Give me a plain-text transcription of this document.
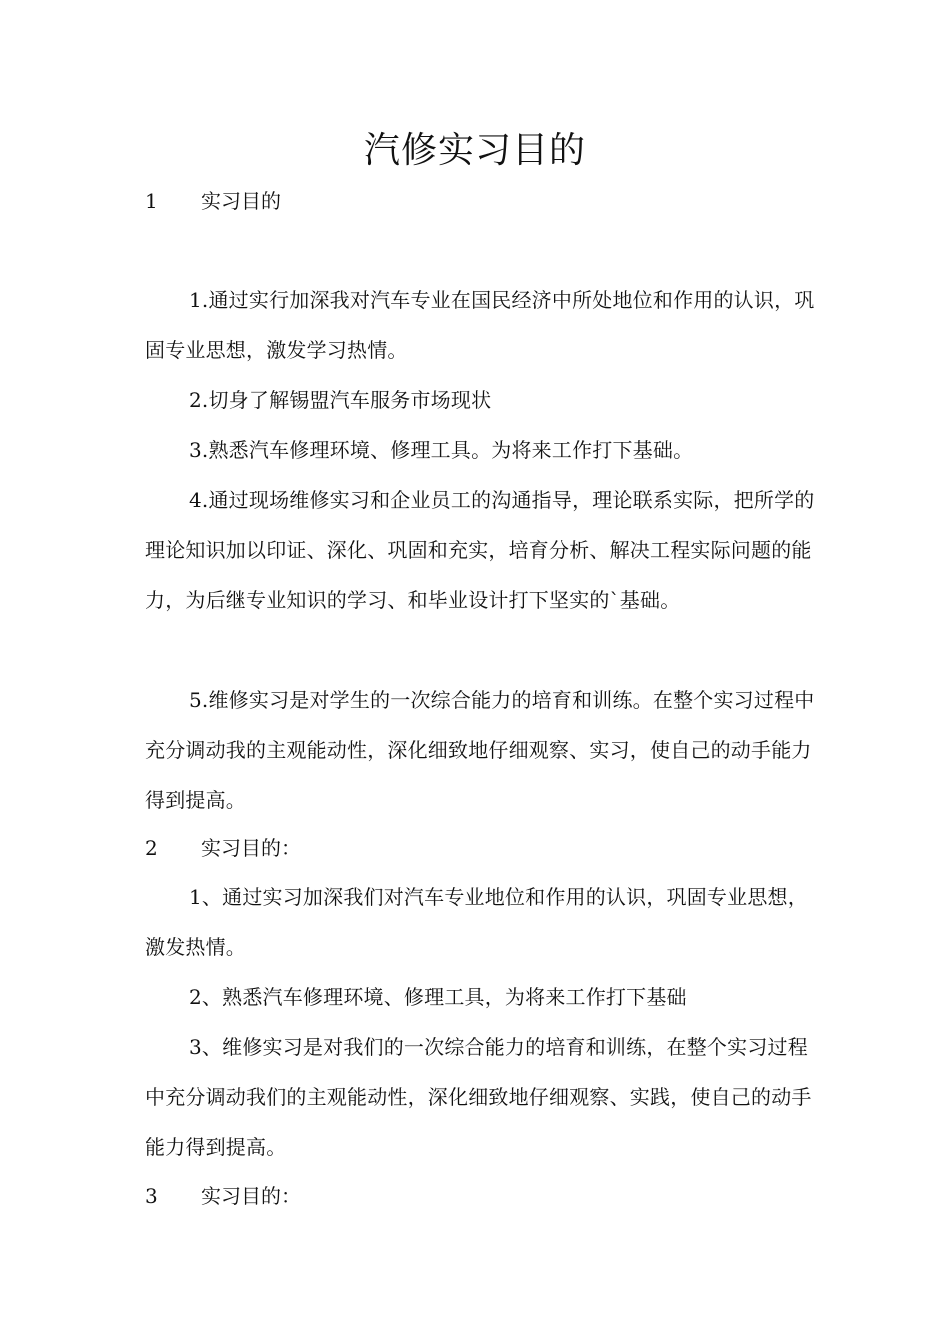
汽修实习目的
1 实习目的

1.通过实行加深我对汽车专业在国民经济中所处地位和作用的认识，巩固专业思想，激发学习热情。

2.切身了解锡盟汽车服务市场现状

3.熟悉汽车修理环境、修理工具。为将来工作打下基础。

4.通过现场维修实习和企业员工的沟通指导，理论联系实际，把所学的理论知识加以印证、深化、巩固和充实，培育分析、解决工程实际问题的能力，为后继专业知识的学习、和毕业设计打下坚实的`基础。

5.维修实习是对学生的一次综合能力的培育和训练。在整个实习过程中充分调动我的主观能动性，深化细致地仔细观察、实习，使自己的动手能力得到提高。

2 实习目的：

1、通过实习加深我们对汽车专业地位和作用的认识，巩固专业思想，激发热情。

2、熟悉汽车修理环境、修理工具，为将来工作打下基础

3、维修实习是对我们的一次综合能力的培育和训练，在整个实习过程中充分调动我们的主观能动性，深化细致地仔细观察、实践，使自己的动手能力得到提高。

3 实习目的：
